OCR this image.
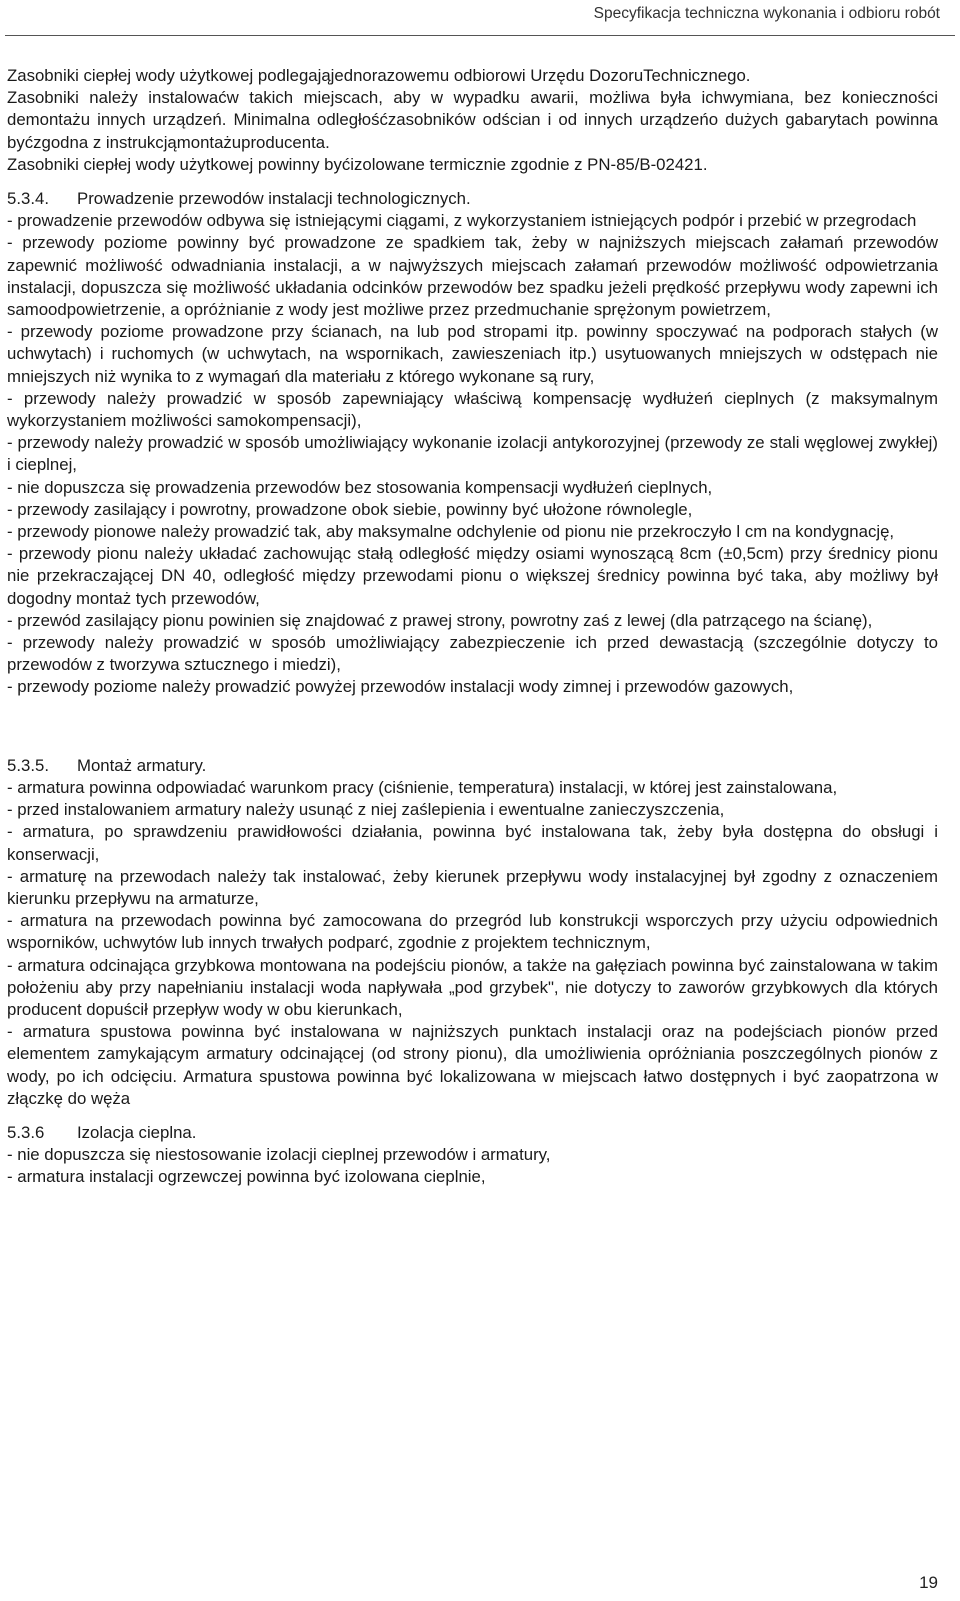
Specyfikacja techniczna wykonania i odbioru robót

Zasobniki ciepłej wody użytkowej podlegająjednorazowemu odbiorowi Urzędu DozoruTechnicznego.

Zasobniki należy instalowaćw takich miejscach, aby w wypadku awarii, możliwa była ichwymiana, bez konieczności demontażu innych urządzeń. Minimalna odległośćzasobników odścian i od innych urządzeńo dużych gabarytach powinna byćzgodna z instrukcjąmontażuproducenta.

Zasobniki ciepłej wody użytkowej powinny byćizolowane termicznie zgodnie z PN-85/B-02421.

5.3.4. Prowadzenie przewodów instalacji technologicznych.

- prowadzenie przewodów odbywa się istniejącymi ciągami, z wykorzystaniem istniejących podpór i przebić w przegrodach

- przewody poziome powinny być prowadzone ze spadkiem tak, żeby w najniższych miejscach załamań przewodów zapewnić możliwość odwadniania instalacji, a w najwyższych miejscach załamań przewodów możliwość odpowietrzania instalacji, dopuszcza się możliwość układania odcinków przewodów bez spadku jeżeli prędkość przepływu wody zapewni ich samoodpowietrzenie, a opróżnianie z wody jest możliwe przez przedmuchanie sprężonym powietrzem,

- przewody poziome prowadzone przy ścianach, na lub pod stropami itp. powinny spoczywać na podporach stałych (w uchwytach) i ruchomych (w uchwytach, na wspornikach, zawieszeniach itp.) usytuowanych mniejszych w odstępach nie mniejszych niż wynika to z wymagań dla materiału z którego wykonane są rury,

- przewody należy prowadzić w sposób zapewniający właściwą kompensację wydłużeń cieplnych (z maksymalnym wykorzystaniem możliwości samokompensacji),

- przewody należy prowadzić w sposób umożliwiający wykonanie izolacji antykorozyjnej (przewody ze stali węglowej zwykłej) i cieplnej,

- nie dopuszcza się prowadzenia przewodów bez stosowania kompensacji wydłużeń cieplnych,

- przewody zasilający i powrotny, prowadzone obok siebie, powinny być ułożone równolegle,

- przewody pionowe należy prowadzić tak, aby maksymalne odchylenie od pionu nie przekroczyło l cm na kondygnację,

- przewody pionu należy układać zachowując stałą odległość między osiami wynoszącą 8cm (±0,5cm) przy średnicy pionu nie przekraczającej DN 40, odległość między przewodami pionu o większej średnicy powinna być taka, aby możliwy był dogodny montaż tych przewodów,

- przewód zasilający pionu powinien się znajdować z prawej strony, powrotny zaś z lewej (dla patrzącego na ścianę),

- przewody należy prowadzić w sposób umożliwiający zabezpieczenie ich przed dewastacją (szczególnie dotyczy to przewodów z tworzywa sztucznego i miedzi),

- przewody poziome należy prowadzić powyżej przewodów instalacji wody zimnej i przewodów gazowych,

5.3.5. Montaż armatury.

- armatura powinna odpowiadać warunkom pracy (ciśnienie, temperatura) instalacji, w której jest zainstalowana,

- przed instalowaniem armatury należy usunąć z niej zaślepienia i ewentualne zanieczyszczenia,

- armatura, po sprawdzeniu prawidłowości działania, powinna być instalowana tak, żeby była dostępna do obsługi i konserwacji,

- armaturę na przewodach należy tak instalować, żeby kierunek przepływu wody instalacyjnej był zgodny z oznaczeniem kierunku przepływu na armaturze,

- armatura na przewodach powinna być zamocowana do przegród lub konstrukcji wsporczych przy użyciu odpowiednich wsporników, uchwytów lub innych trwałych podparć, zgodnie z projektem technicznym,

- armatura odcinająca grzybkowa montowana na podejściu pionów, a także na gałęziach powinna być zainstalowana w takim położeniu aby przy napełnianiu instalacji woda napływała „pod grzybek", nie dotyczy to zaworów grzybkowych dla których producent dopuścił przepływ wody w obu kierunkach,

- armatura spustowa powinna być instalowana w najniższych punktach instalacji oraz na podejściach pionów przed elementem zamykającym armatury odcinającej (od strony pionu), dla umożliwienia opróżniania poszczególnych pionów z wody, po ich odcięciu. Armatura spustowa powinna być lokalizowana w miejscach łatwo dostępnych i być zaopatrzona w złączkę do węża

5.3.6 Izolacja cieplna.

- nie dopuszcza się niestosowanie izolacji cieplnej przewodów i armatury,

- armatura instalacji ogrzewczej powinna być izolowana cieplnie,

19
